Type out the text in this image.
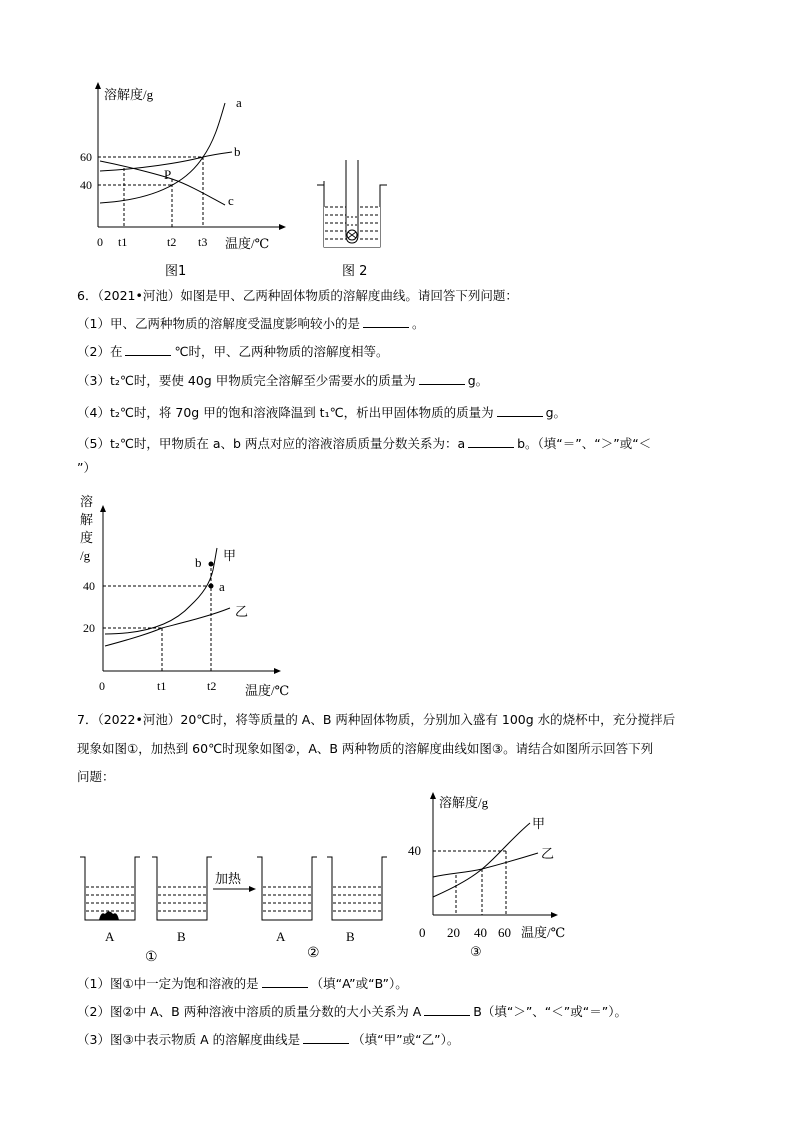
溶解度/g
温度/℃
60
40
0 t1	t2 t3
a
b
c
P
图1	图 2
6．（2021•河池）如图是甲、乙两种固体物质的溶解度曲线。请回答下列问题：
（1）甲、乙两种物质的溶解度受温度影响较小的是	。
（2）在	℃时，甲、乙两种物质的溶解度相等。
（3）t₂℃时，要使 40g 甲物质完全溶解至少需要水的质量为	g。
（4）t₂℃时，将 70g 甲的饱和溶液降温到 t₁℃，析出甲固体物质的质量为	g。
（5）t₂℃时，甲物质在 a、b 两点对应的溶液溶质质量分数关系为：a	b。（填“＝”、“＞”或“＜
”）
溶
解
度
/g
温度/℃
40
20
0	t1	t2
a
b 甲
乙
7．（2022•河池）20℃时，将等质量的 A、B 两种固体物质，分别加入盛有 100g 水的烧杯中，充分搅拌后
现象如图①，加热到 60℃时现象如图②，A、B 两种物质的溶解度曲线如图③。请结合如图所示回答下列
问题：
加热
A	B	A	B
①	②
溶解度/g
温度/℃
40
0 20 40 60
甲
乙
③
（1）图①中一定为饱和溶液的是	（填“A”或“B”）。
（2）图②中 A、B 两种溶液中溶质的质量分数的大小关系为 A	B（填“＞”、“＜”或“＝”）。
（3）图③中表示物质 A 的溶解度曲线是	（填“甲”或“乙”）。
